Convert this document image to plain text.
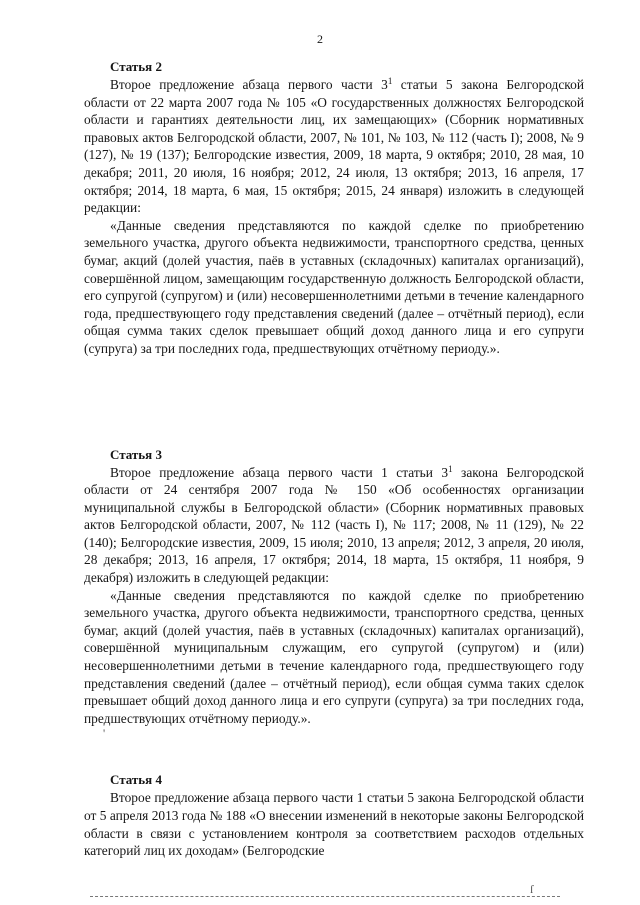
2
Статья 2

Второе предложение абзаца первого части $3^1$ статьи 5 закона Белгородской области от 22 марта 2007 года № 105 «О государственных должностях Белгородской области и гарантиях деятельности лиц, их замещающих» (Сборник нормативных правовых актов Белгородской области, 2007, № 101, № 103, № 112 (часть I); 2008, № 9 (127), № 19 (137); Белгородские известия, 2009, 18 марта, 9 октября; 2010, 28 мая, 10 декабря; 2011, 20 июля, 16 ноября; 2012, 24 июля, 13 октября; 2013, 16 апреля, 17 октября; 2014, 18 марта, 6 мая, 15 октября; 2015, 24 января) изложить в следующей редакции:

«Данные сведения представляются по каждой сделке по приобретению земельного участка, другого объекта недвижимости, транспортного средства, ценных бумаг, акций (долей участия, паёв в уставных (складочных) капиталах организаций), совершённой лицом, замещающим государственную должность Белгородской области, его супругой (супругом) и (или) несовершеннолетними детьми в течение календарного года, предшествующего году представления сведений (далее – отчётный период), если общая сумма таких сделок превышает общий доход данного лица и его супруги (супруга) за три последних года, предшествующих отчётному периоду.».

Статья 3

Второе предложение абзаца первого части 1 статьи $3^1$ закона Белгородской области от 24 сентября 2007 года № 150 «Об особенностях организации муниципальной службы в Белгородской области» (Сборник нормативных правовых актов Белгородской области, 2007, № 112 (часть I), № 117; 2008, № 11 (129), № 22 (140); Белгородские известия, 2009, 15 июля; 2010, 13 апреля; 2012, 3 апреля, 20 июля, 28 декабря; 2013, 16 апреля, 17 октября; 2014, 18 марта, 15 октября, 11 ноября, 9 декабря) изложить в следующей редакции:

«Данные сведения представляются по каждой сделке по приобретению земельного участка, другого объекта недвижимости, транспортного средства, ценных бумаг, акций (долей участия, паёв в уставных (складочных) капиталах организаций), совершённой муниципальным служащим, его супругой (супругом) и (или) несовершеннолетними детьми в течение календарного года, предшествующего году представления сведений (далее – отчётный период), если общая сумма таких сделок превышает общий доход данного лица и его супруги (супруга) за три последних года, предшествующих отчётному периоду.».

Статья 4

Второе предложение абзаца первого части 1 статьи 5 закона Белгородской области от 5 апреля 2013 года № 188 «О внесении изменений в некоторые законы Белгородской области в связи с установлением контроля за соответствием расходов отдельных категорий лиц их доходам» (Белгородские

'
ſ
